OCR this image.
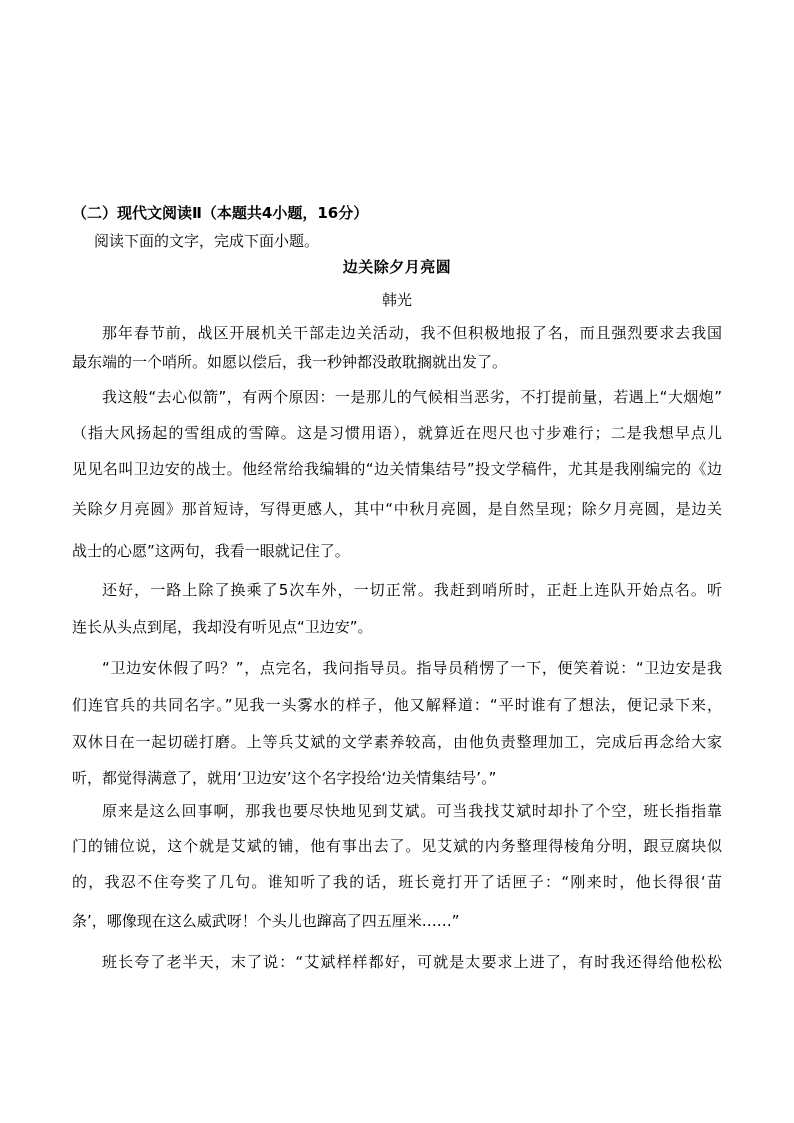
（二）现代文阅读Ⅱ（本题共4小题，16分）
阅读下面的文字，完成下面小题。
边关除夕月亮圆
韩光
那年春节前，战区开展机关干部走边关活动，我不但积极地报了名，而且强烈要求去我国
最东端的一个哨所。如愿以偿后，我一秒钟都没敢耽搁就出发了。
我这般“去心似箭”，有两个原因：一是那儿的气候相当恶劣，不打提前量，若遇上“大烟炮”
（指大风扬起的雪组成的雪障。这是习惯用语），就算近在咫尺也寸步难行；二是我想早点儿
见见名叫卫边安的战士。他经常给我编辑的“边关情集结号”投文学稿件，尤其是我刚编完的《边
关除夕月亮圆》那首短诗，写得更感人，其中“中秋月亮圆，是自然呈现；除夕月亮圆，是边关
战士的心愿”这两句，我看一眼就记住了。
还好，一路上除了换乘了5次车外，一切正常。我赶到哨所时，正赶上连队开始点名。听
连长从头点到尾，我却没有听见点“卫边安”。
“卫边安休假了吗？”，点完名，我问指导员。指导员稍愣了一下，便笑着说：“卫边安是我
们连官兵的共同名字。”见我一头雾水的样子，他又解释道：“平时谁有了想法，便记录下来，
双休日在一起切磋打磨。上等兵艾斌的文学素养较高，由他负责整理加工，完成后再念给大家
听，都觉得满意了，就用‘卫边安’这个名字投给‘边关情集结号’。”
原来是这么回事啊，那我也要尽快地见到艾斌。可当我找艾斌时却扑了个空，班长指指靠
门的铺位说，这个就是艾斌的铺，他有事出去了。见艾斌的内务整理得棱角分明，跟豆腐块似
的，我忍不住夸奖了几句。谁知听了我的话，班长竟打开了话匣子：“刚来时，他长得很‘苗
条’，哪像现在这么威武呀！个头儿也蹿高了四五厘米……”
班长夸了老半天，末了说：“艾斌样样都好，可就是太要求上进了，有时我还得给他松松
